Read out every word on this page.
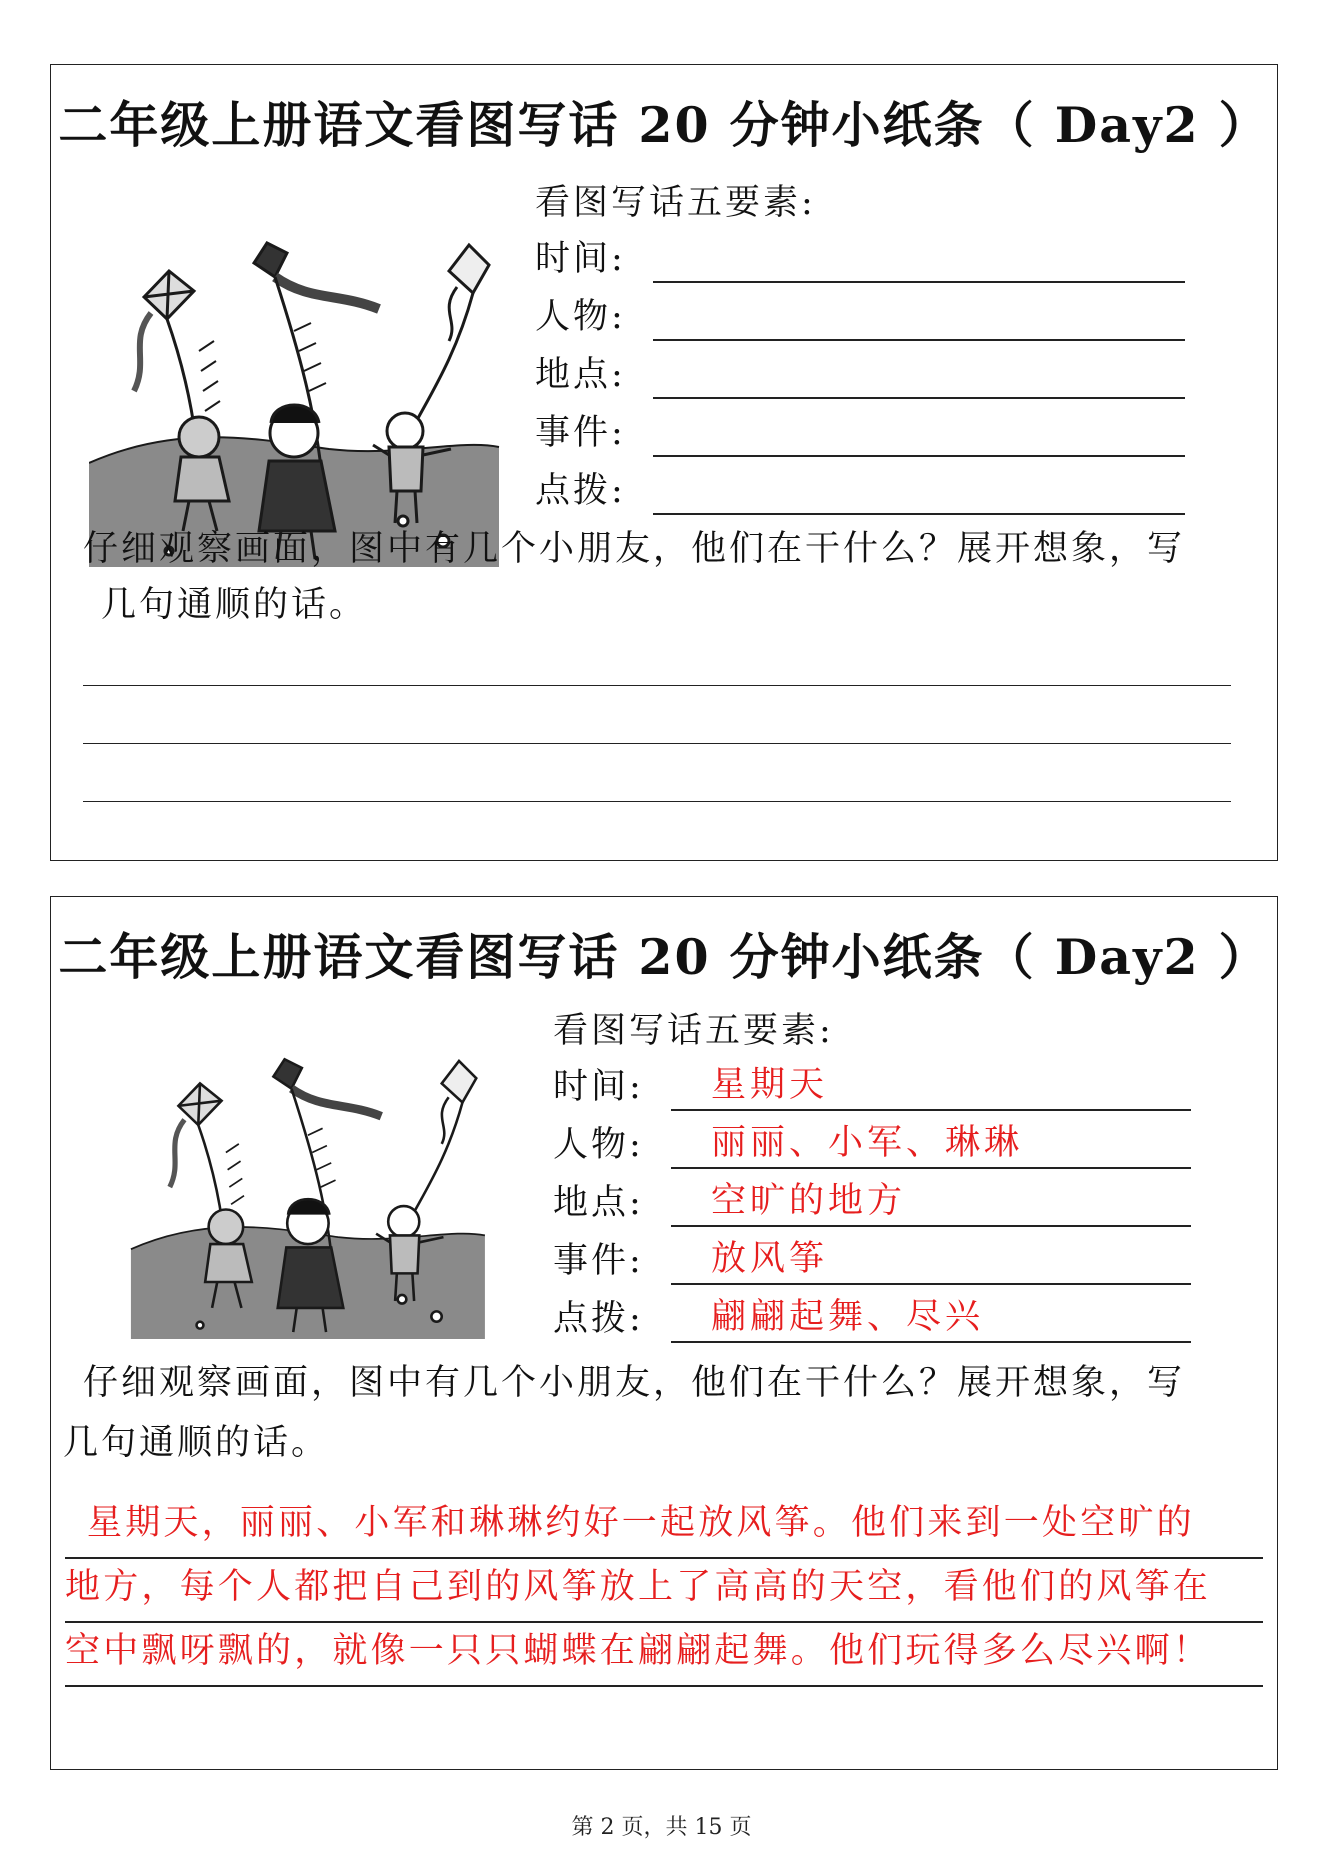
二年级上册语文看图写话 20 分钟小纸条（ Day2 ）
看图写话五要素:
时间:
人物:
地点:
事件:
点拨:
仔细观察画面，图中有几个小朋友，他们在干什么？展开想象，写
几句通顺的话。
二年级上册语文看图写话 20 分钟小纸条（ Day2 ）
看图写话五要素:
时间: 星期天
人物: 丽丽、小军、琳琳
地点: 空旷的地方
事件: 放风筝
点拨: 翩翩起舞、尽兴
仔细观察画面，图中有几个小朋友，他们在干什么？展开想象，写
几句通顺的话。
星期天，丽丽、小军和琳琳约好一起放风筝。他们来到一处空旷的
地方，每个人都把自己到的风筝放上了高高的天空，看他们的风筝在
空中飘呀飘的，就像一只只蝴蝶在翩翩起舞。他们玩得多么尽兴啊！
第 2 页，共 15 页
